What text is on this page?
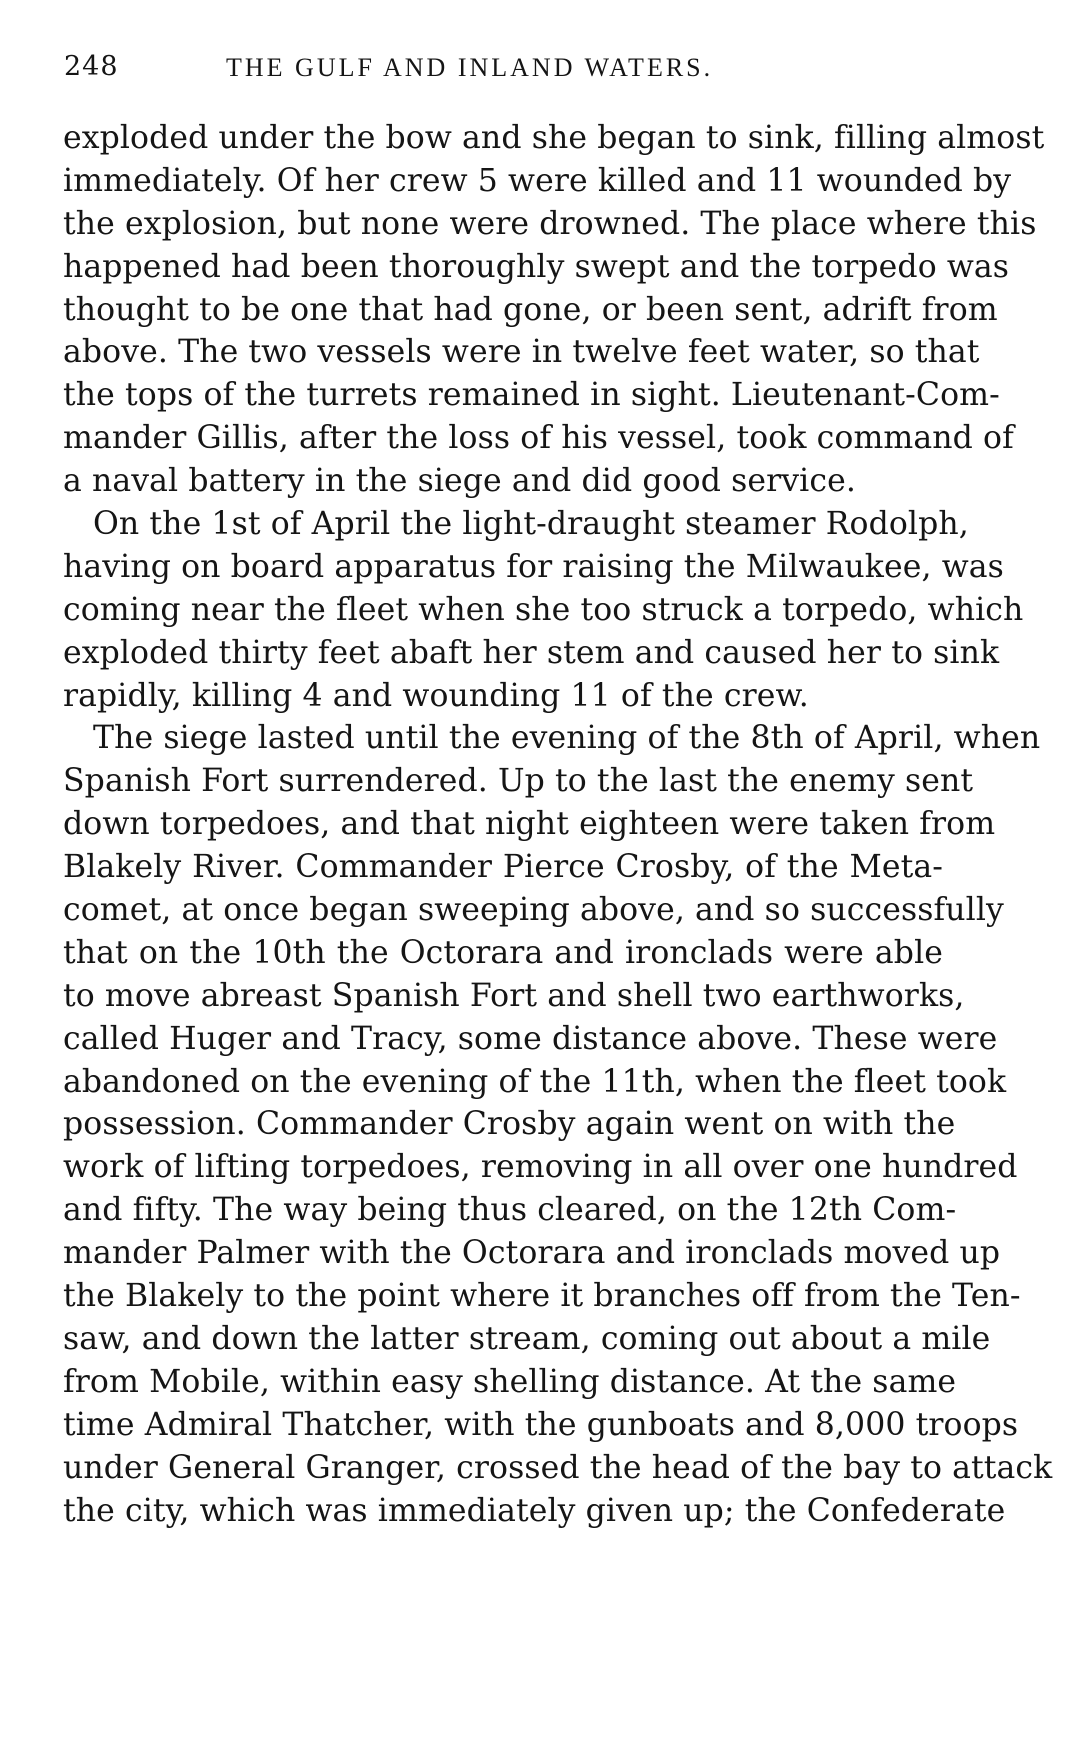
248	THE GULF AND INLAND WATERS.
exploded under the bow and she began to sink, filling almost
immediately. Of her crew 5 were killed and 11 wounded by
the explosion, but none were drowned. The place where this
happened had been thoroughly swept and the torpedo was
thought to be one that had gone, or been sent, adrift from
above. The two vessels were in twelve feet water, so that
the tops of the turrets remained in sight. Lieutenant-Com-
mander Gillis, after the loss of his vessel, took command of
a naval battery in the siege and did good service.
On the 1st of April the light-draught steamer Rodolph,
having on board apparatus for raising the Milwaukee, was
coming near the fleet when she too struck a torpedo, which
exploded thirty feet abaft her stem and caused her to sink
rapidly, killing 4 and wounding 11 of the crew.
The siege lasted until the evening of the 8th of April, when
Spanish Fort surrendered. Up to the last the enemy sent
down torpedoes, and that night eighteen were taken from
Blakely River. Commander Pierce Crosby, of the Meta-
comet, at once began sweeping above, and so successfully
that on the 10th the Octorara and ironclads were able
to move abreast Spanish Fort and shell two earthworks,
called Huger and Tracy, some distance above. These were
abandoned on the evening of the 11th, when the fleet took
possession. Commander Crosby again went on with the
work of lifting torpedoes, removing in all over one hundred
and fifty. The way being thus cleared, on the 12th Com-
mander Palmer with the Octorara and ironclads moved up
the Blakely to the point where it branches off from the Ten-
saw, and down the latter stream, coming out about a mile
from Mobile, within easy shelling distance. At the same
time Admiral Thatcher, with the gunboats and 8,000 troops
under General Granger, crossed the head of the bay to attack
the city, which was immediately given up; the Confederate
